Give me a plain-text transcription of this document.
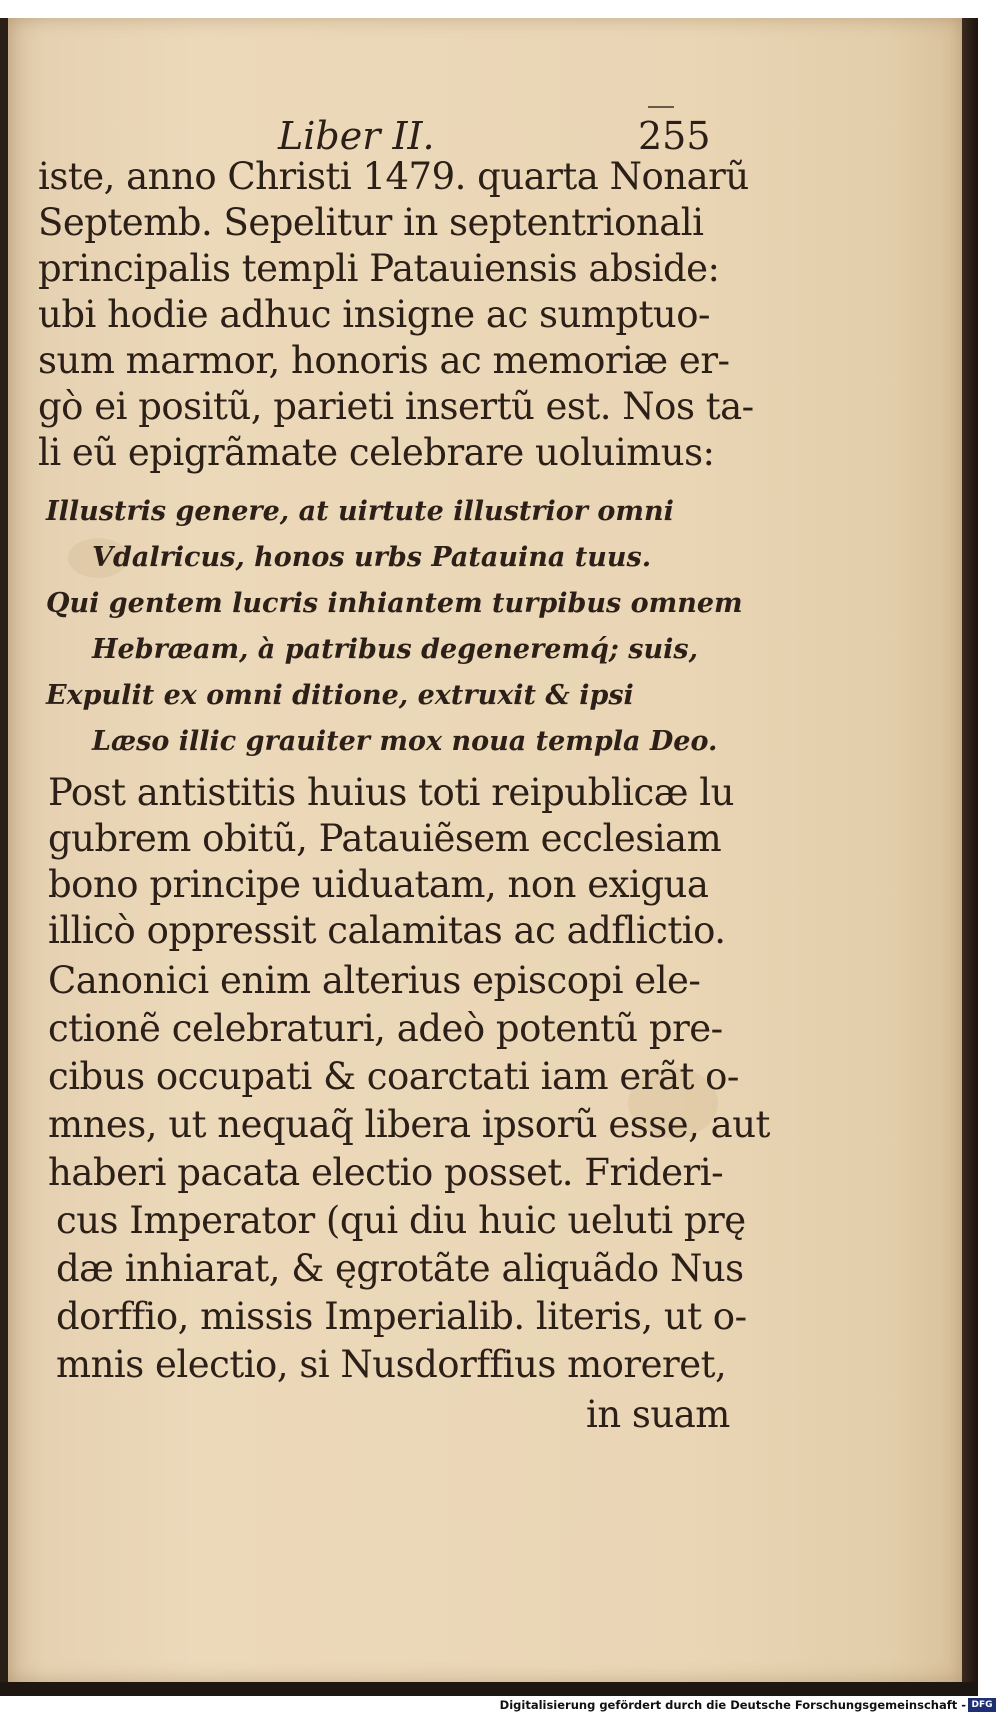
Liber II.	255
iste, anno Christi 1479. quarta Nonarũ
Septemb. Sepelitur in septentrionali
principalis templi Patauiensis abside:
ubi hodie adhuc insigne ac sumptuo-
sum marmor, honoris ac memoriæ er-
gò ei positũ, parieti insertũ est. Nos ta-
li eũ epigrãmate celebrare uoluimus:
Illustris genere, at uirtute illustrior omni
Vdalricus, honos urbs Patauina tuus.
Qui gentem lucris inhiantem turpibus omnem
Hebræam, à patribus degeneremq́; suis,
Expulit ex omni ditione, extruxit & ipsi
Læso illic grauiter mox noua templa Deo.
Post antistitis huius toti reipublicæ lu
gubrem obitũ, Patauiẽsem ecclesiam
bono principe uiduatam, non exigua
illicò oppressit calamitas ac adflictio.
Canonici enim alterius episcopi ele-
ctionẽ celebraturi, adeò potentũ pre-
cibus occupati & coarctati iam erãt o-
mnes, ut nequaq̃ libera ipsorũ esse, aut
haberi pacata electio posset. Frideri-
cus Imperator (qui diu huic ueluti prę
dæ inhiarat, & ęgrotãte aliquãdo Nus
dorffio, missis Imperialib. literis, ut o-
mnis electio, si Nusdorffius moreret,
in suam
Digitalisierung gefördert durch die Deutsche Forschungsgemeinschaft - DFG
